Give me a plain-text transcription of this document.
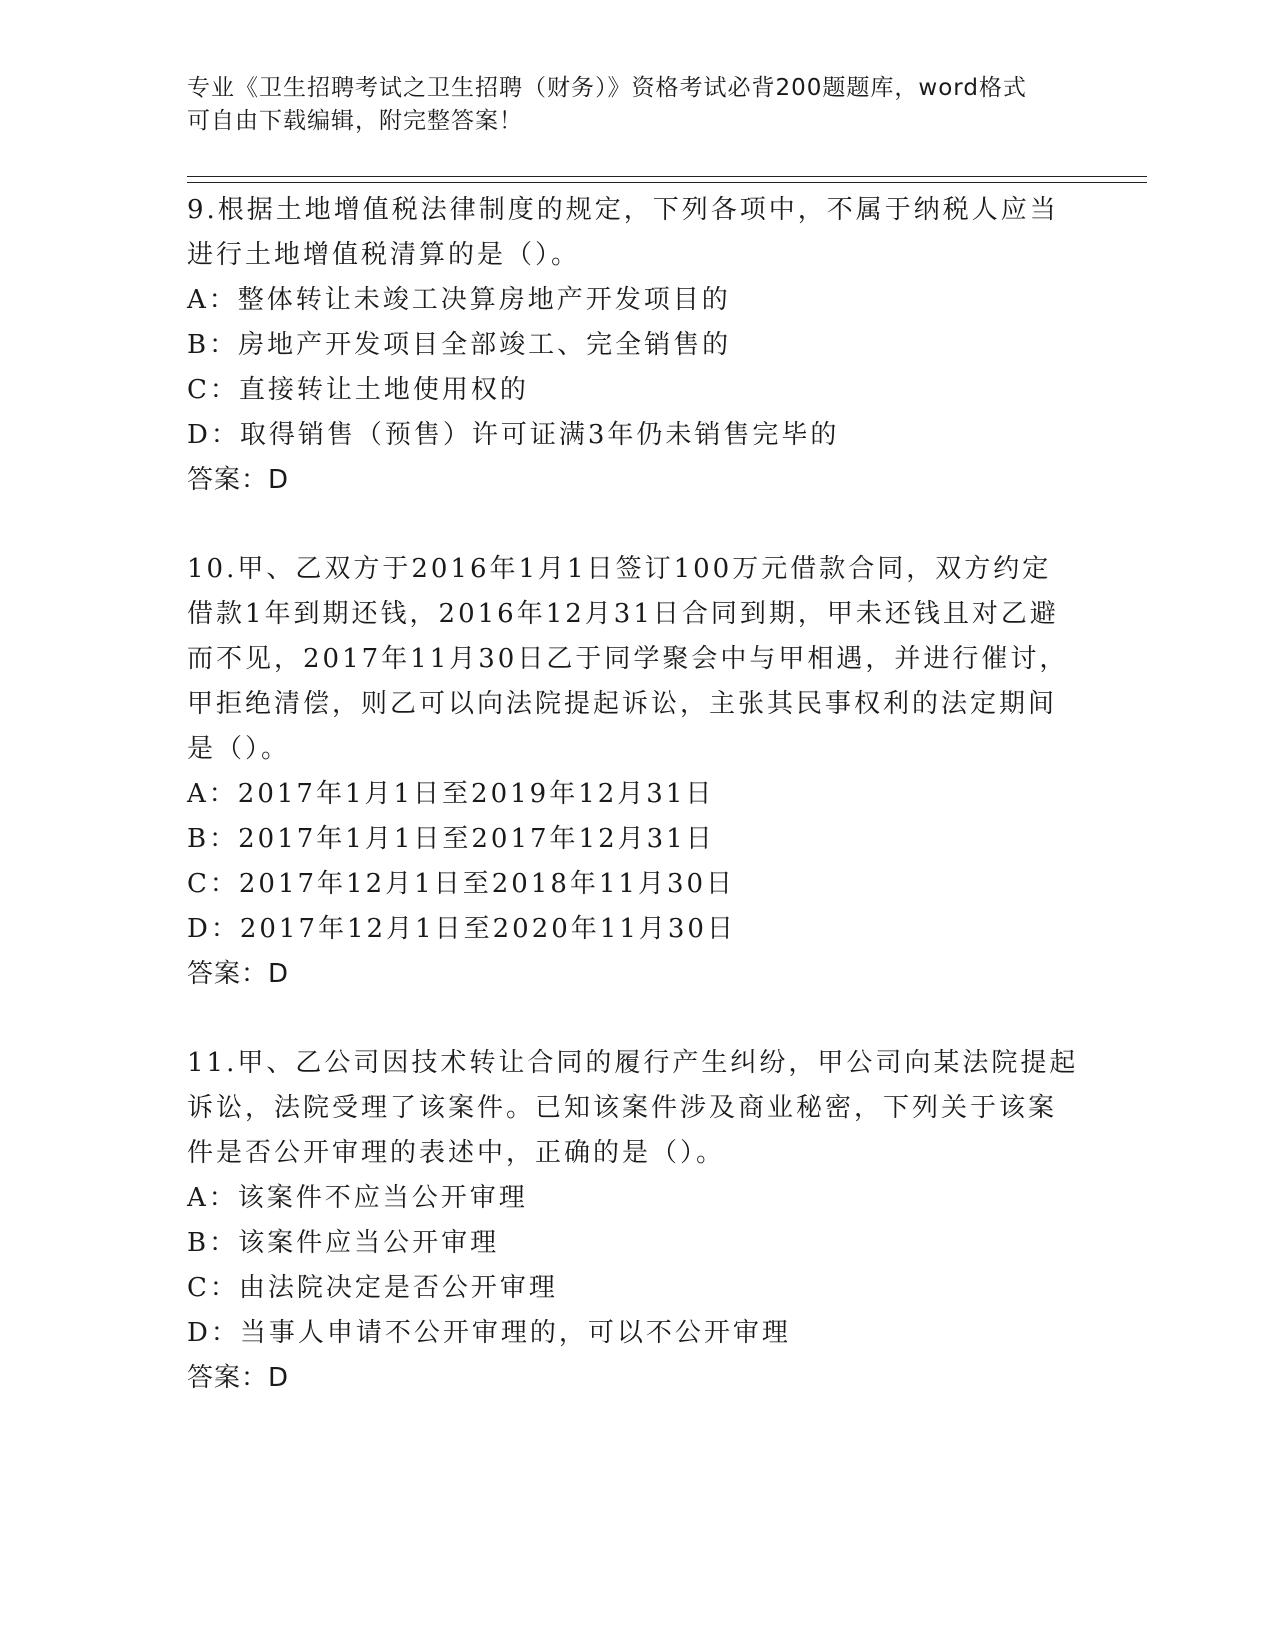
专业《卫生招聘考试之卫生招聘（财务）》资格考试必背200题题库，word格式
可自由下载编辑，附完整答案！
9.根据土地增值税法律制度的规定，下列各项中，不属于纳税人应当
进行土地增值税清算的是（）。
A：整体转让未竣工决算房地产开发项目的
B：房地产开发项目全部竣工、完全销售的
C：直接转让土地使用权的
D：取得销售（预售）许可证满3年仍未销售完毕的
答案：D
10.甲、乙双方于2016年1月1日签订100万元借款合同，双方约定
借款1年到期还钱，2016年12月31日合同到期，甲未还钱且对乙避
而不见，2017年11月30日乙于同学聚会中与甲相遇，并进行催讨，
甲拒绝清偿，则乙可以向法院提起诉讼，主张其民事权利的法定期间
是（）。
A：2017年1月1日至2019年12月31日
B：2017年1月1日至2017年12月31日
C：2017年12月1日至2018年11月30日
D：2017年12月1日至2020年11月30日
答案：D
11.甲、乙公司因技术转让合同的履行产生纠纷，甲公司向某法院提起
诉讼，法院受理了该案件。已知该案件涉及商业秘密，下列关于该案
件是否公开审理的表述中，正确的是（）。
A：该案件不应当公开审理
B：该案件应当公开审理
C：由法院决定是否公开审理
D：当事人申请不公开审理的，可以不公开审理
答案：D
